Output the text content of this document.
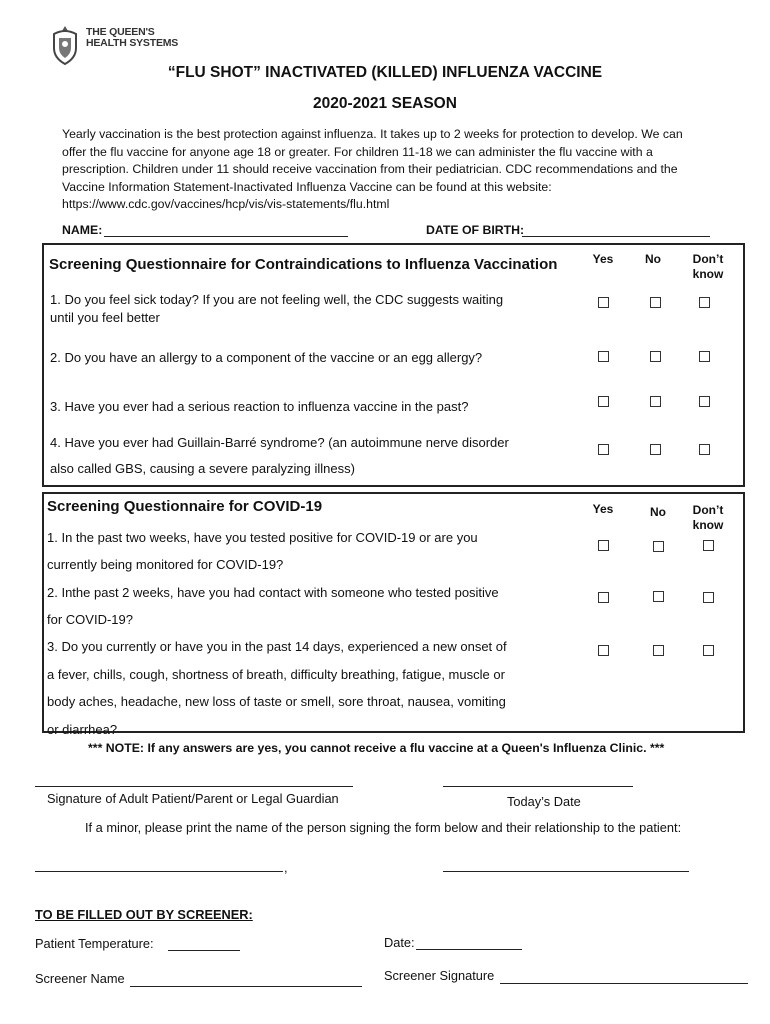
THE QUEEN'S
HEALTH SYSTEMS
“FLU SHOT” INACTIVATED (KILLED) INFLUENZA VACCINE
2020-2021 SEASON
Yearly vaccination is the best protection against influenza. It takes up to 2 weeks for protection to develop. We can
offer the flu vaccine for anyone age 18 or greater. For children 11-18 we can administer the flu vaccine with a
prescription. Children under 11 should receive vaccination from their pediatrician. CDC recommendations and the
Vaccine Information Statement-Inactivated Influenza Vaccine can be found at this website:
https://www.cdc.gov/vaccines/hcp/vis/vis-statements/flu.html
NAME:	DATE OF BIRTH:
Screening Questionnaire for Contraindications to Influenza Vaccination	Yes	No	Don’t
know
1. Do you feel sick today? If you are not feeling well, the CDC suggests waiting
until you feel better
2. Do you have an allergy to a component of the vaccine or an egg allergy?
3. Have you ever had a serious reaction to influenza vaccine in the past?
4. Have you ever had Guillain-Barré syndrome? (an autoimmune nerve disorder
also called GBS, causing a severe paralyzing illness)
Screening Questionnaire for COVID-19	Yes	No	Don’t
know
1. In the past two weeks, have you tested positive for COVID-19 or are you
currently being monitored for COVID-19?
2. Inthe past 2 weeks, have you had contact with someone who tested positive
for COVID-19?
3. Do you currently or have you in the past 14 days, experienced a new onset of
a fever, chills, cough, shortness of breath, difficulty breathing, fatigue, muscle or
body aches, headache, new loss of taste or smell, sore throat, nausea, vomiting
or diarrhea?
*** NOTE: If any answers are yes, you cannot receive a flu vaccine at a Queen's Influenza Clinic. ***
Signature of Adult Patient/Parent or Legal Guardian	Today’s Date
If a minor, please print the name of the person signing the form below and their relationship to the patient:
,
TO BE FILLED OUT BY SCREENER:
Patient Temperature:	Date:
Screener Name	Screener Signature
